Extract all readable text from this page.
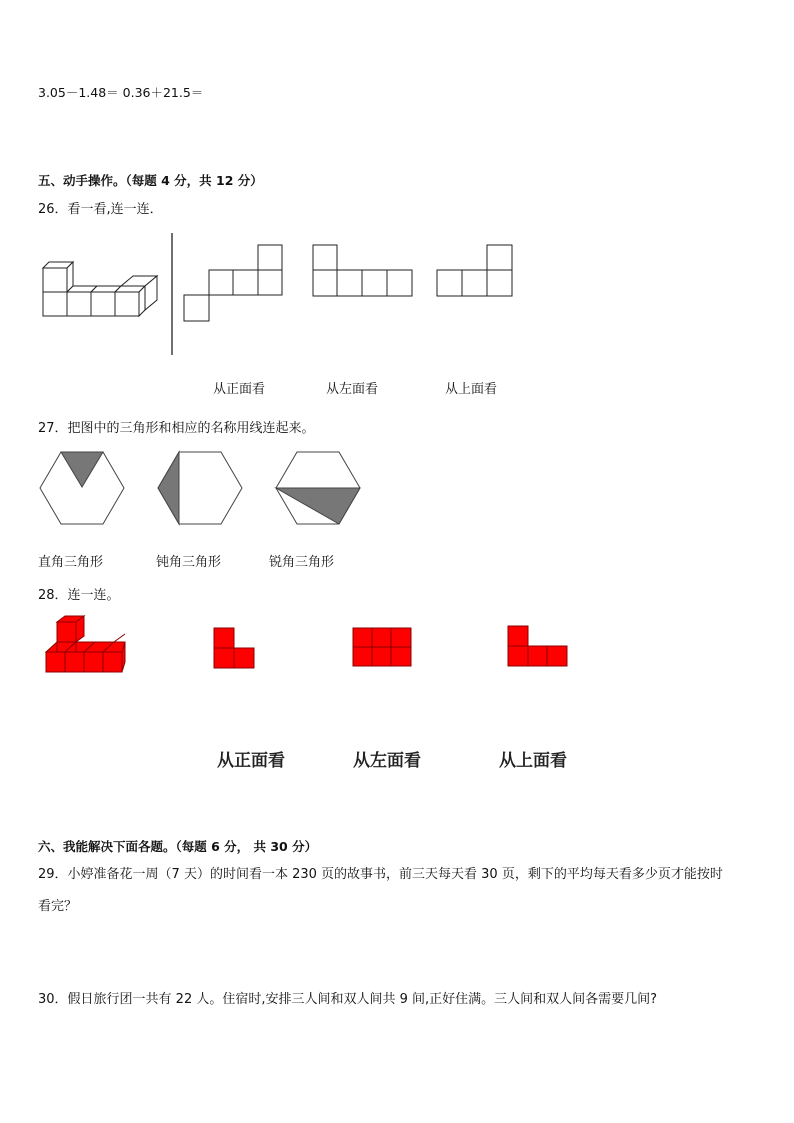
3.05－1.48＝ 0.36＋21.5＝
五、动手操作。（每题 4 分，共 12 分）
26．看一看,连一连．
从正面看	从左面看	从上面看
27．把图中的三角形和相应的名称用线连起来。
直角三角形	钝角三角形	锐角三角形
28．连一连。
从正面看	从左面看	从上面看
六、我能解决下面各题。（每题 6 分， 共 30 分）
29．小婷准备花一周（7 天）的时间看一本 230 页的故事书，前三天每天看 30 页，剩下的平均每天看多少页才能按时
看完？
30．假日旅行团一共有 22 人。住宿时,安排三人间和双人间共 9 间,正好住满。三人间和双人间各需要几间?
